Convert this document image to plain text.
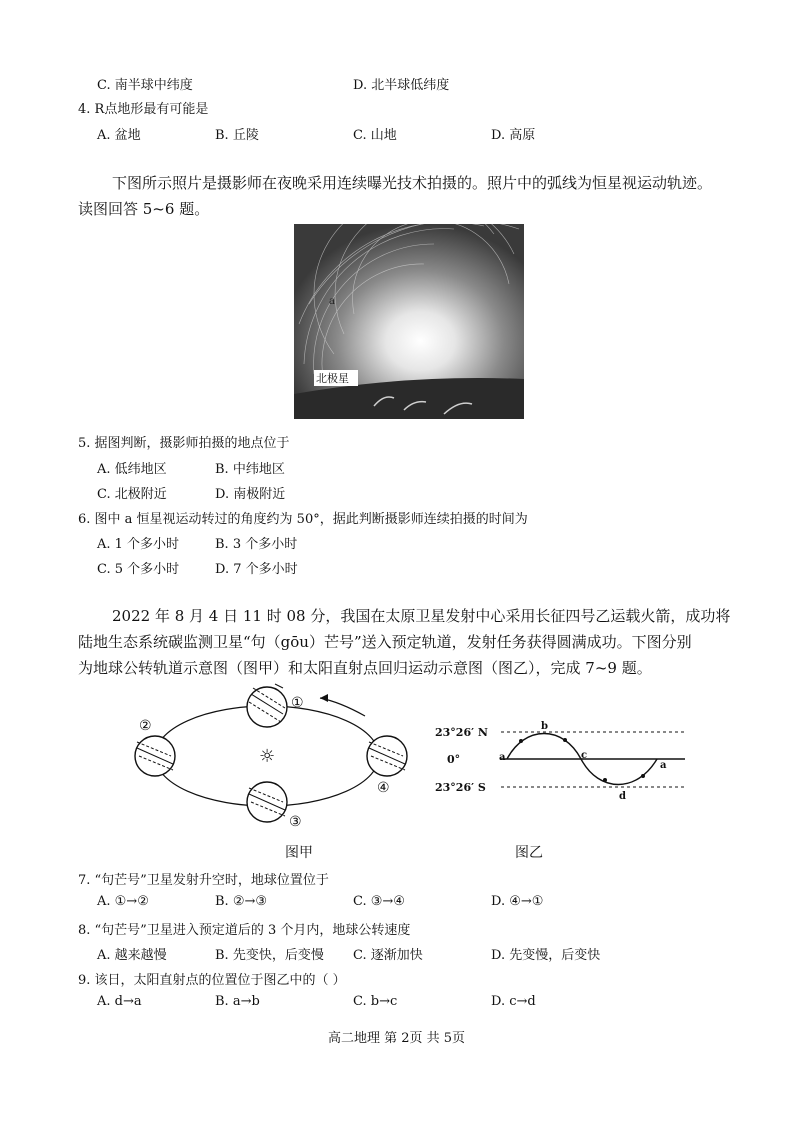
C. 南半球中纬度	D. 北半球低纬度
4. R点地形最有可能是
A. 盆地	B. 丘陵	C. 山地	D. 高原
下图所示照片是摄影师在夜晚采用连续曝光技术拍摄的。照片中的弧线为恒星视运动轨迹。
读图回答 5~6 题。
a
北极星
5. 据图判断，摄影师拍摄的地点位于
A. 低纬地区	B. 中纬地区
C. 北极附近	D. 南极附近
6. 图中 a 恒星视运动转过的角度约为 50°，据此判断摄影师连续拍摄的时间为
A. 1 个多小时	B. 3 个多小时
C. 5 个多小时	D. 7 个多小时
2022 年 8 月 4 日 11 时 08 分，我国在太原卫星发射中心采用长征四号乙运载火箭，成功将
陆地生态系统碳监测卫星“句（gōu）芒号”送入预定轨道，发射任务获得圆满成功。下图分别
为地球公转轨道示意图（图甲）和太阳直射点回归运动示意图（图乙），完成 7~9 题。
①
②
☼
③
④
图甲
23°26′ N
0°
23°26′ S
a
b
c
d
a
图乙
7. “句芒号”卫星发射升空时，地球位置位于
A. ①→②	B. ②→③	C. ③→④	D. ④→①
8. “句芒号”卫星进入预定道后的 3 个月内，地球公转速度
A. 越来越慢	B. 先变快，后变慢 C. 逐渐加快	D. 先变慢，后变快
9. 该日，太阳直射点的位置位于图乙中的（ ）
A. d→a	B. a→b	C. b→c	D. c→d
高二地理 第 2页 共 5页
